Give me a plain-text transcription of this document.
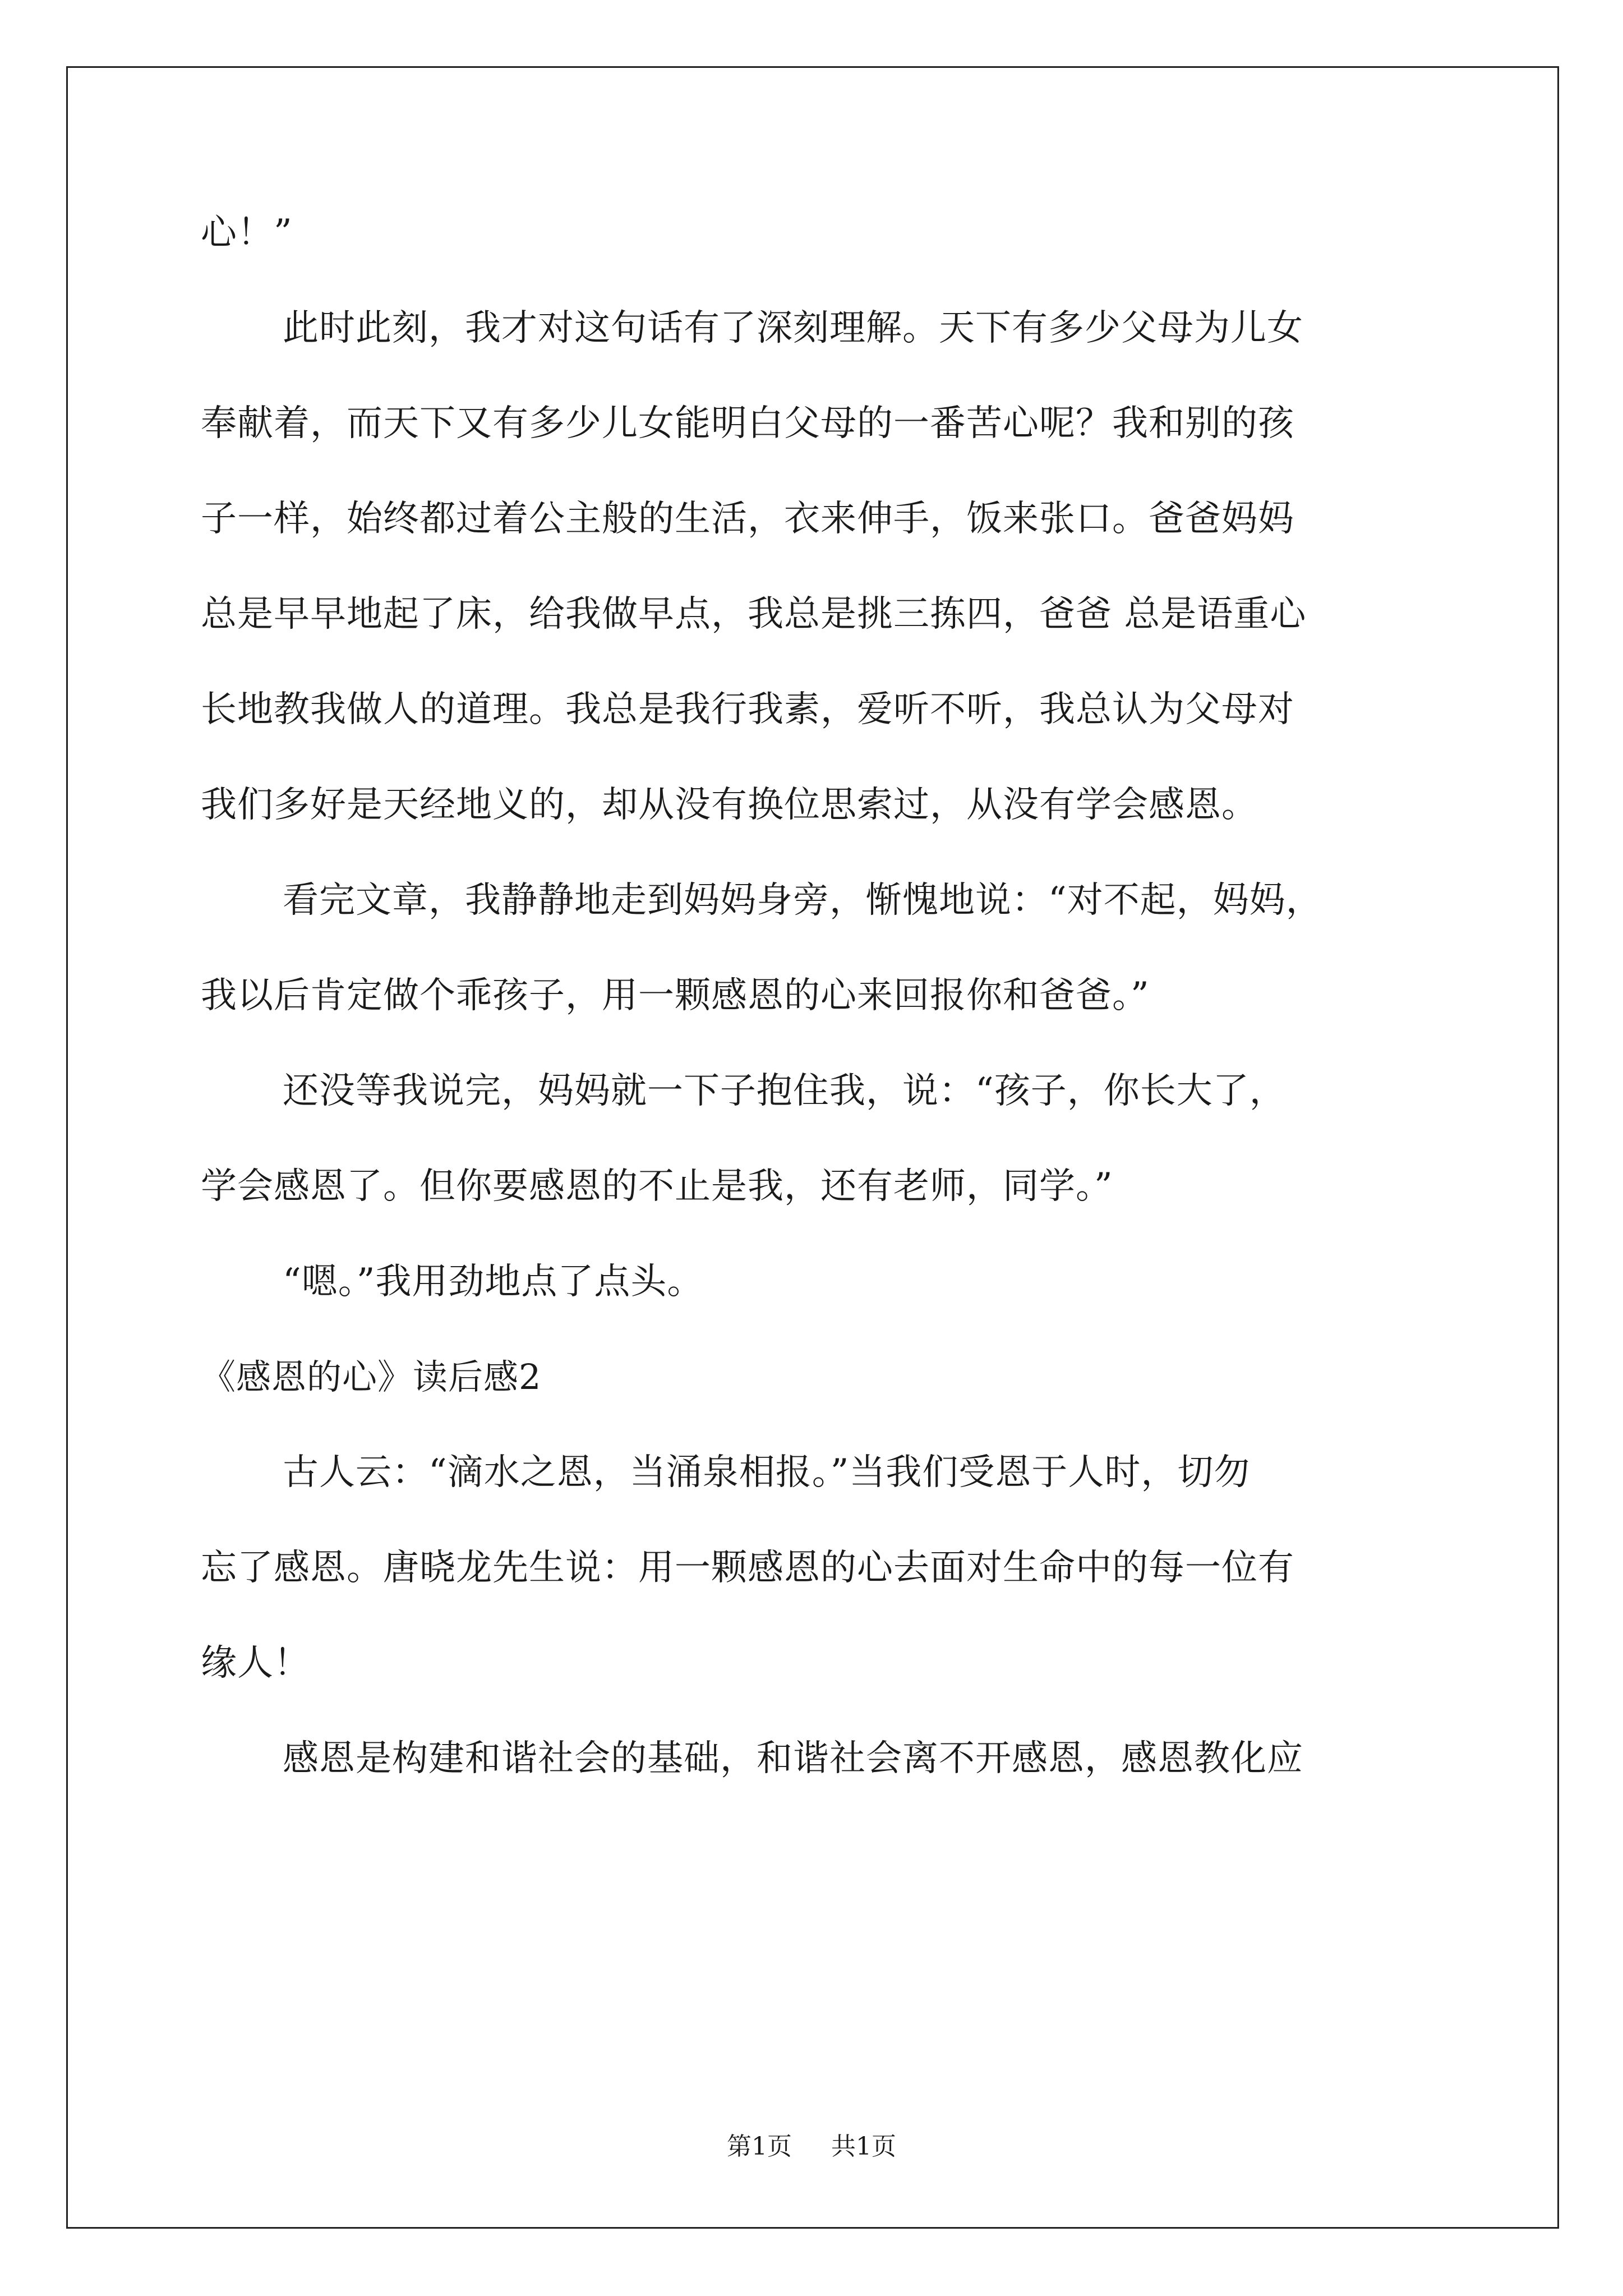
心！”
此时此刻，我才对这句话有了深刻理解。天下有多少父母为儿女
奉献着，而天下又有多少儿女能明白父母的一番苦心呢？我和别的孩
子一样，始终都过着公主般的生活，衣来伸手，饭来张口。爸爸妈妈
总是早早地起了床，给我做早点，我总是挑三拣四，爸爸 总是语重心
长地教我做人的道理。我总是我行我素，爱听不听，我总认为父母对
我们多好是天经地义的，却从没有换位思索过，从没有学会感恩。
看完文章，我静静地走到妈妈身旁，惭愧地说：“对不起，妈妈，
我以后肯定做个乖孩子，用一颗感恩的心来回报你和爸爸。”
还没等我说完，妈妈就一下子抱住我，说：“孩子，你长大了，
学会感恩了。但你要感恩的不止是我，还有老师，同学。”
“嗯。”我用劲地点了点头。
《感恩的心》读后感2
古人云：“滴水之恩，当涌泉相报。”当我们受恩于人时，切勿
忘了感恩。唐晓龙先生说：用一颗感恩的心去面对生命中的每一位有
缘人！
感恩是构建和谐社会的基础，和谐社会离不开感恩，感恩教化应
第1页 共1页
